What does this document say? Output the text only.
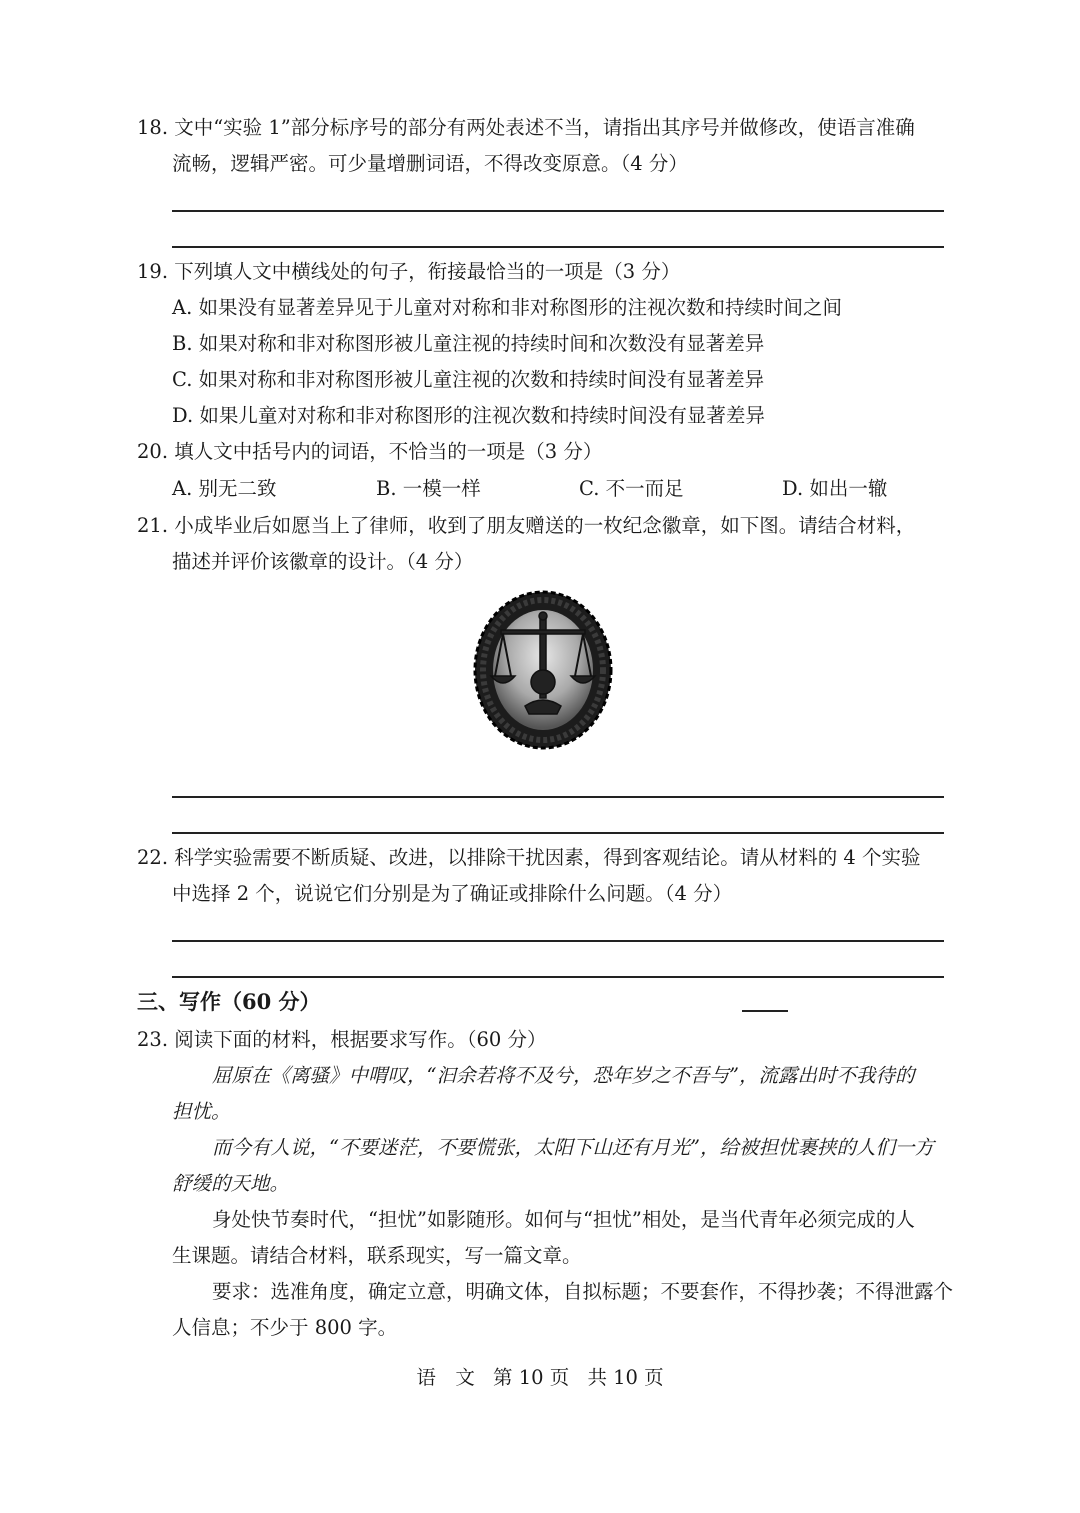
18. 文中“实验 1”部分标序号的部分有两处表述不当，请指出其序号并做修改，使语言准确
流畅，逻辑严密。可少量增删词语，不得改变原意。（4 分）
19. 下列填人文中横线处的句子，衔接最恰当的一项是（3 分）
A. 如果没有显著差异见于儿童对对称和非对称图形的注视次数和持续时间之间
B. 如果对称和非对称图形被儿童注视的持续时间和次数没有显著差异
C. 如果对称和非对称图形被儿童注视的次数和持续时间没有显著差异
D. 如果儿童对对称和非对称图形的注视次数和持续时间没有显著差异
20. 填人文中括号内的词语，不恰当的一项是（3 分）
A. 别无二致	B. 一模一样	C. 不一而足	D. 如出一辙
21. 小成毕业后如愿当上了律师，收到了朋友赠送的一枚纪念徽章，如下图。请结合材料，
描述并评价该徽章的设计。（4 分）
22. 科学实验需要不断质疑、改进，以排除干扰因素，得到客观结论。请从材料的 4 个实验
中选择 2 个，说说它们分别是为了确证或排除什么问题。（4 分）
三、写作（60 分）
23. 阅读下面的材料，根据要求写作。（60 分）
屈原在《离骚》中喟叹，“汩余若将不及兮，恐年岁之不吾与”，流露出时不我待的
担忧。
而今有人说，“不要迷茫，不要慌张，太阳下山还有月光”，给被担忧裹挟的人们一方
舒缓的天地。
身处快节奏时代，“担忧”如影随形。如何与“担忧”相处，是当代青年必须完成的人
生课题。请结合材料，联系现实，写一篇文章。
要求：选准角度，确定立意，明确文体，自拟标题；不要套作，不得抄袭；不得泄露个
人信息；不少于 800 字。
语　文 第 10 页 共 10 页
